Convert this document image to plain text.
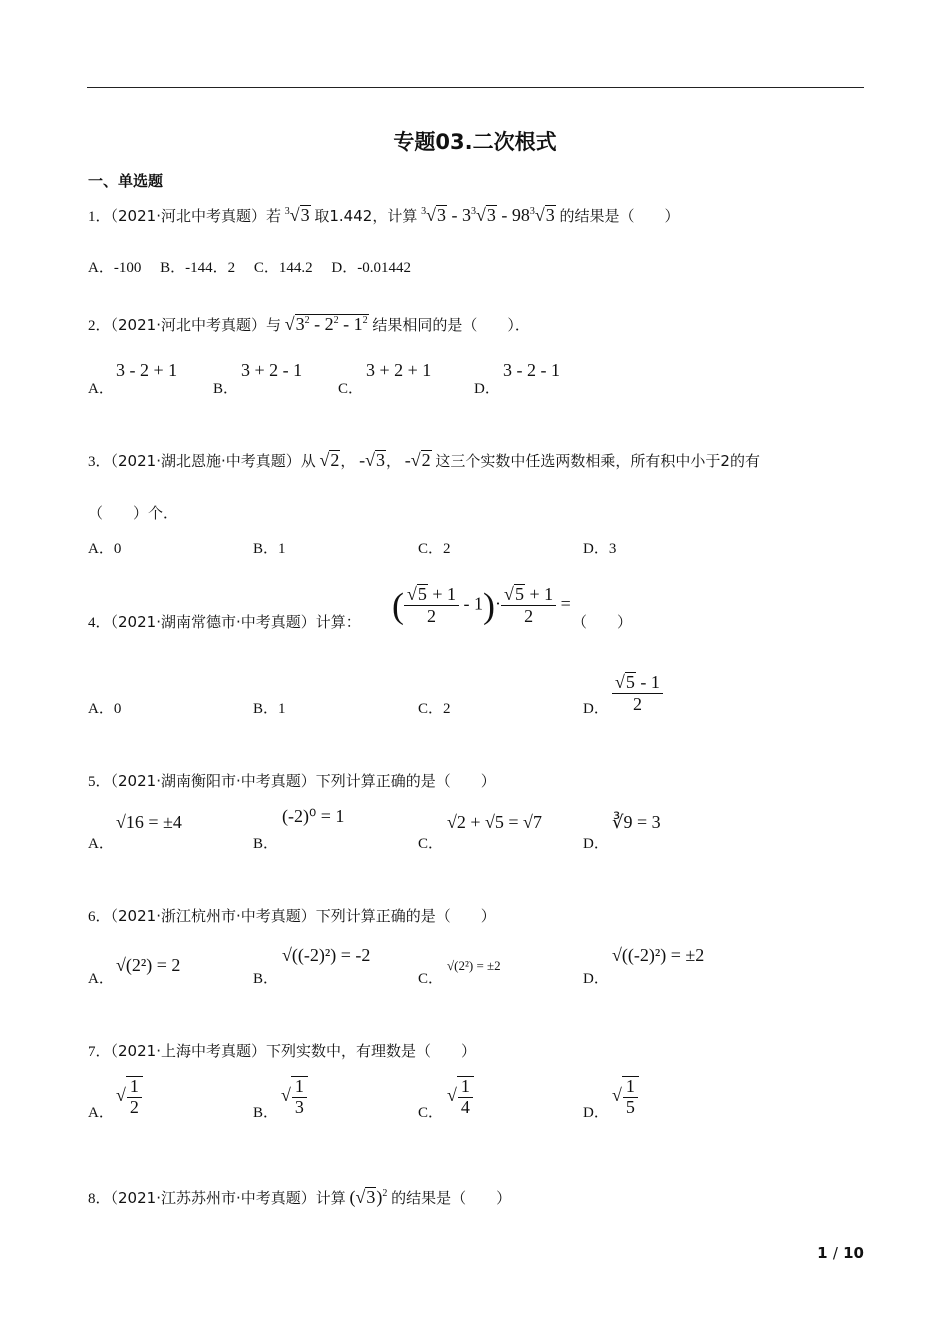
专题03.二次根式
一、单选题
1．（2021·河北中考真题）若 $^3$√3 取1.442，计算 $^3√3 - 3^3√3 - 98^3√3$ 的结果是（　　）
A．-100　 B．-144．2　 C．144.2　 D．-0.01442
2．（2021·河北中考真题）与 $√3^2 - 2^2 - 1^2$ 结果相同的是（　　）．
A．
3 - 2 + 1
B．
3 + 2 - 1
C．
3 + 2 + 1
D．
3 - 2 - 1
3．（2021·湖北恩施·中考真题）从 √2， -√3， -√2 这三个实数中任选两数相乘，所有积中小于2的有
（　　）个．
A．0	B．1	C．2	D．3
4．（2021·湖南常德市·中考真题）计算： ( $\frac{√5 + 1}{2} - 1)\cdot \frac{√5 + 1}{2}$ =
（　　）
A．0	B．1	C．2	D． $\frac{√5 - 1}{2}$
5．（2021·湖南衡阳市·中考真题）下列计算正确的是（　　）
A．
√16 = ±4
B．
(-2)⁰ = 1
C．
√2 + √5 = √7
D．
∛9 = 3
6．（2021·浙江杭州市·中考真题）下列计算正确的是（　　）
A．
√(2²) = 2
B．
√((-2)²) = -2
C．
√(2²) = ±2
D．
√((-2)²) = ±2
7．（2021·上海中考真题）下列实数中，有理数是（　　）
A．
√ $\frac{1}{2}$	B．
√ $\frac{1}{3}$	C．
√ $\frac{1}{4}$	D．
√ $\frac{1}{5}$
8．（2021·江苏苏州市·中考真题）计算 $(√3)^2$ 的结果是（　　）
1 / 10
